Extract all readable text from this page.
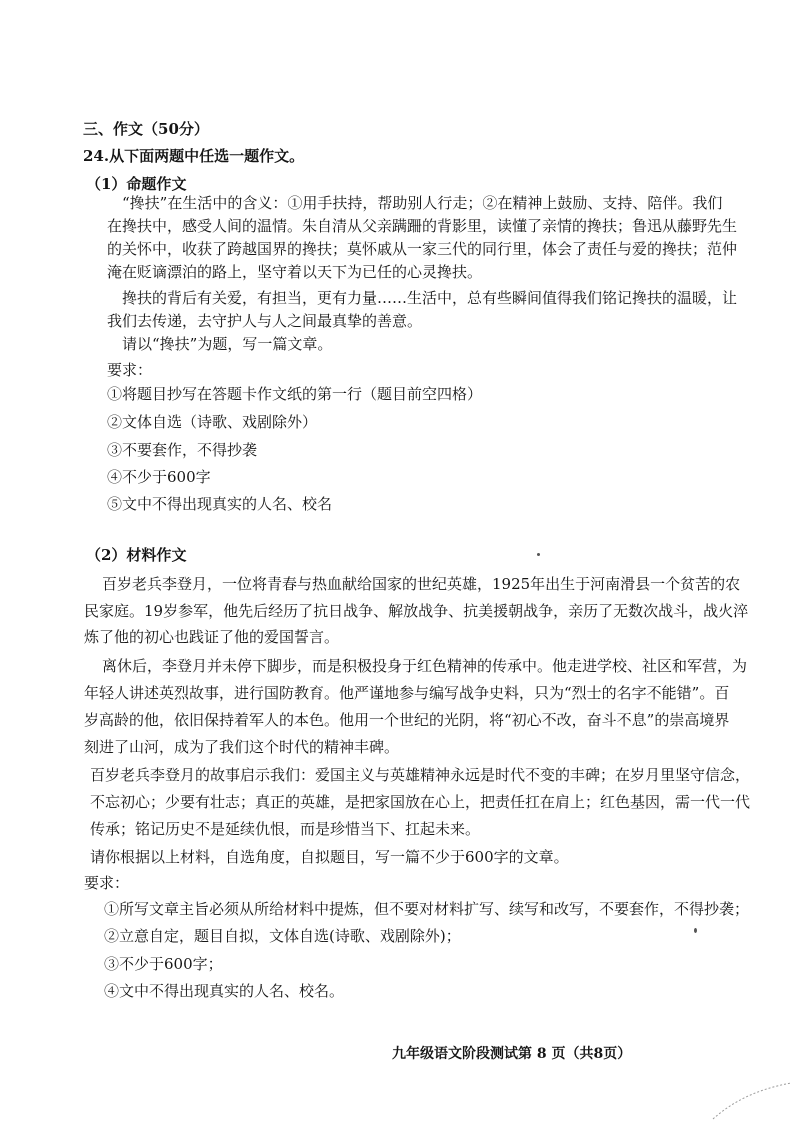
三、作文（50分）
24.从下面两题中任选一题作文。
（1）命题作文
“搀扶”在生活中的含义：①用手扶持，帮助别人行走；②在精神上鼓励、支持、陪伴。我们
在搀扶中，感受人间的温情。朱自清从父亲蹒跚的背影里，读懂了亲情的搀扶；鲁迅从藤野先生
的关怀中，收获了跨越国界的搀扶；莫怀戚从一家三代的同行里，体会了责任与爱的搀扶；范仲
淹在贬谪漂泊的路上，坚守着以天下为已任的心灵搀扶。
搀扶的背后有关爱，有担当，更有力量……生活中，总有些瞬间值得我们铭记搀扶的温暖，让
我们去传递，去守护人与人之间最真挚的善意。
请以“搀扶”为题，写一篇文章。
要求：
①将题目抄写在答题卡作文纸的第一行（题目前空四格）
②文体自选（诗歌、戏剧除外）
③不要套作，不得抄袭
④不少于600字
⑤文中不得出现真实的人名、校名
（2）材料作文
百岁老兵李登月，一位将青春与热血献给国家的世纪英雄，1925年出生于河南滑县一个贫苦的农
民家庭。19岁参军，他先后经历了抗日战争、解放战争、抗美援朝战争，亲历了无数次战斗，战火淬
炼了他的初心也践证了他的爱国誓言。
离休后，李登月并未停下脚步，而是积极投身于红色精神的传承中。他走进学校、社区和军营，为
年轻人讲述英烈故事，进行国防教育。他严谨地参与编写战争史料，只为“烈士的名字不能错”。百
岁高龄的他，依旧保持着军人的本色。他用一个世纪的光阴，将“初心不改，奋斗不息”的崇高境界
刻进了山河，成为了我们这个时代的精神丰碑。
百岁老兵李登月的故事启示我们：爱国主义与英雄精神永远是时代不变的丰碑；在岁月里坚守信念，
不忘初心；少要有壮志；真正的英雄，是把家国放在心上，把责任扛在肩上；红色基因，需一代一代
传承；铭记历史不是延续仇恨，而是珍惜当下、扛起未来。
请你根据以上材料，自选角度，自拟题目，写一篇不少于600字的文章。
要求：
①所写文章主旨必须从所给材料中提炼，但不要对材料扩写、续写和改写，不要套作，不得抄袭；
②立意自定，题目自拟，文体自选(诗歌、戏剧除外)；
③不少于600字；
④文中不得出现真实的人名、校名。
九年级语文阶段测试第 8 页（共8页）
